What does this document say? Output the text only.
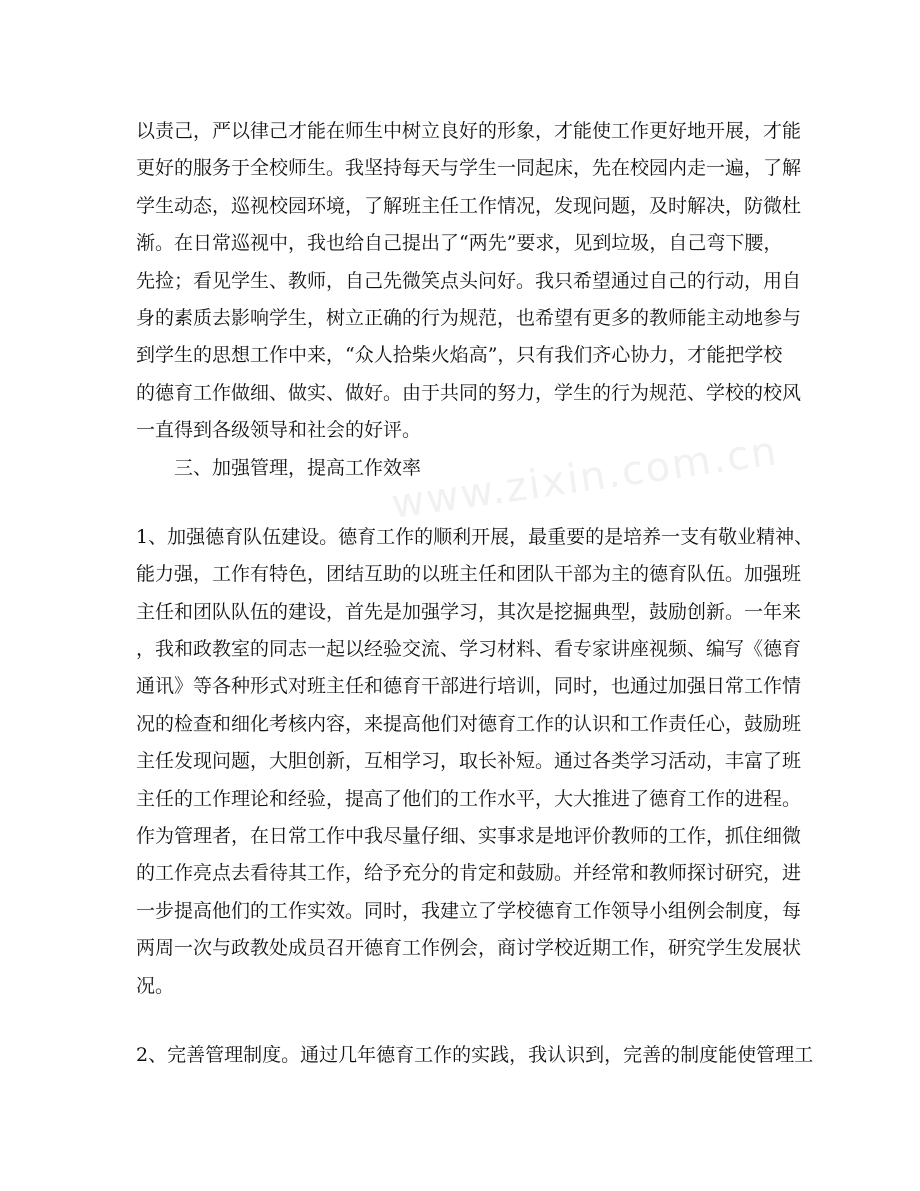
www.zixin.com.cn
以责己，严以律己才能在师生中树立良好的形象，才能使工作更好地开展，才能
更好的服务于全校师生。我坚持每天与学生一同起床，先在校园内走一遍，了解
学生动态，巡视校园环境，了解班主任工作情况，发现问题，及时解决，防微杜
渐。在日常巡视中，我也给自己提出了“两先”要求，见到垃圾，自己弯下腰，
先捡；看见学生、教师，自己先微笑点头问好。我只希望通过自己的行动，用自
身的素质去影响学生，树立正确的行为规范，也希望有更多的教师能主动地参与
到学生的思想工作中来，“众人拾柴火焰高”，只有我们齐心协力，才能把学校
的德育工作做细、做实、做好。由于共同的努力，学生的行为规范、学校的校风
一直得到各级领导和社会的好评。
三、加强管理，提高工作效率
1、加强德育队伍建设。德育工作的顺利开展，最重要的是培养一支有敬业精神、
能力强，工作有特色，团结互助的以班主任和团队干部为主的德育队伍。加强班
主任和团队队伍的建设，首先是加强学习，其次是挖掘典型，鼓励创新。一年来
，我和政教室的同志一起以经验交流、学习材料、看专家讲座视频、编写《德育
通讯》等各种形式对班主任和德育干部进行培训，同时，也通过加强日常工作情
况的检查和细化考核内容，来提高他们对德育工作的认识和工作责任心，鼓励班
主任发现问题，大胆创新，互相学习，取长补短。通过各类学习活动，丰富了班
主任的工作理论和经验，提高了他们的工作水平，大大推进了德育工作的进程。
作为管理者，在日常工作中我尽量仔细、实事求是地评价教师的工作，抓住细微
的工作亮点去看待其工作，给予充分的肯定和鼓励。并经常和教师探讨研究，进
一步提高他们的工作实效。同时，我建立了学校德育工作领导小组例会制度，每
两周一次与政教处成员召开德育工作例会，商讨学校近期工作，研究学生发展状
况。
2、完善管理制度。通过几年德育工作的实践，我认识到，完善的制度能使管理工
